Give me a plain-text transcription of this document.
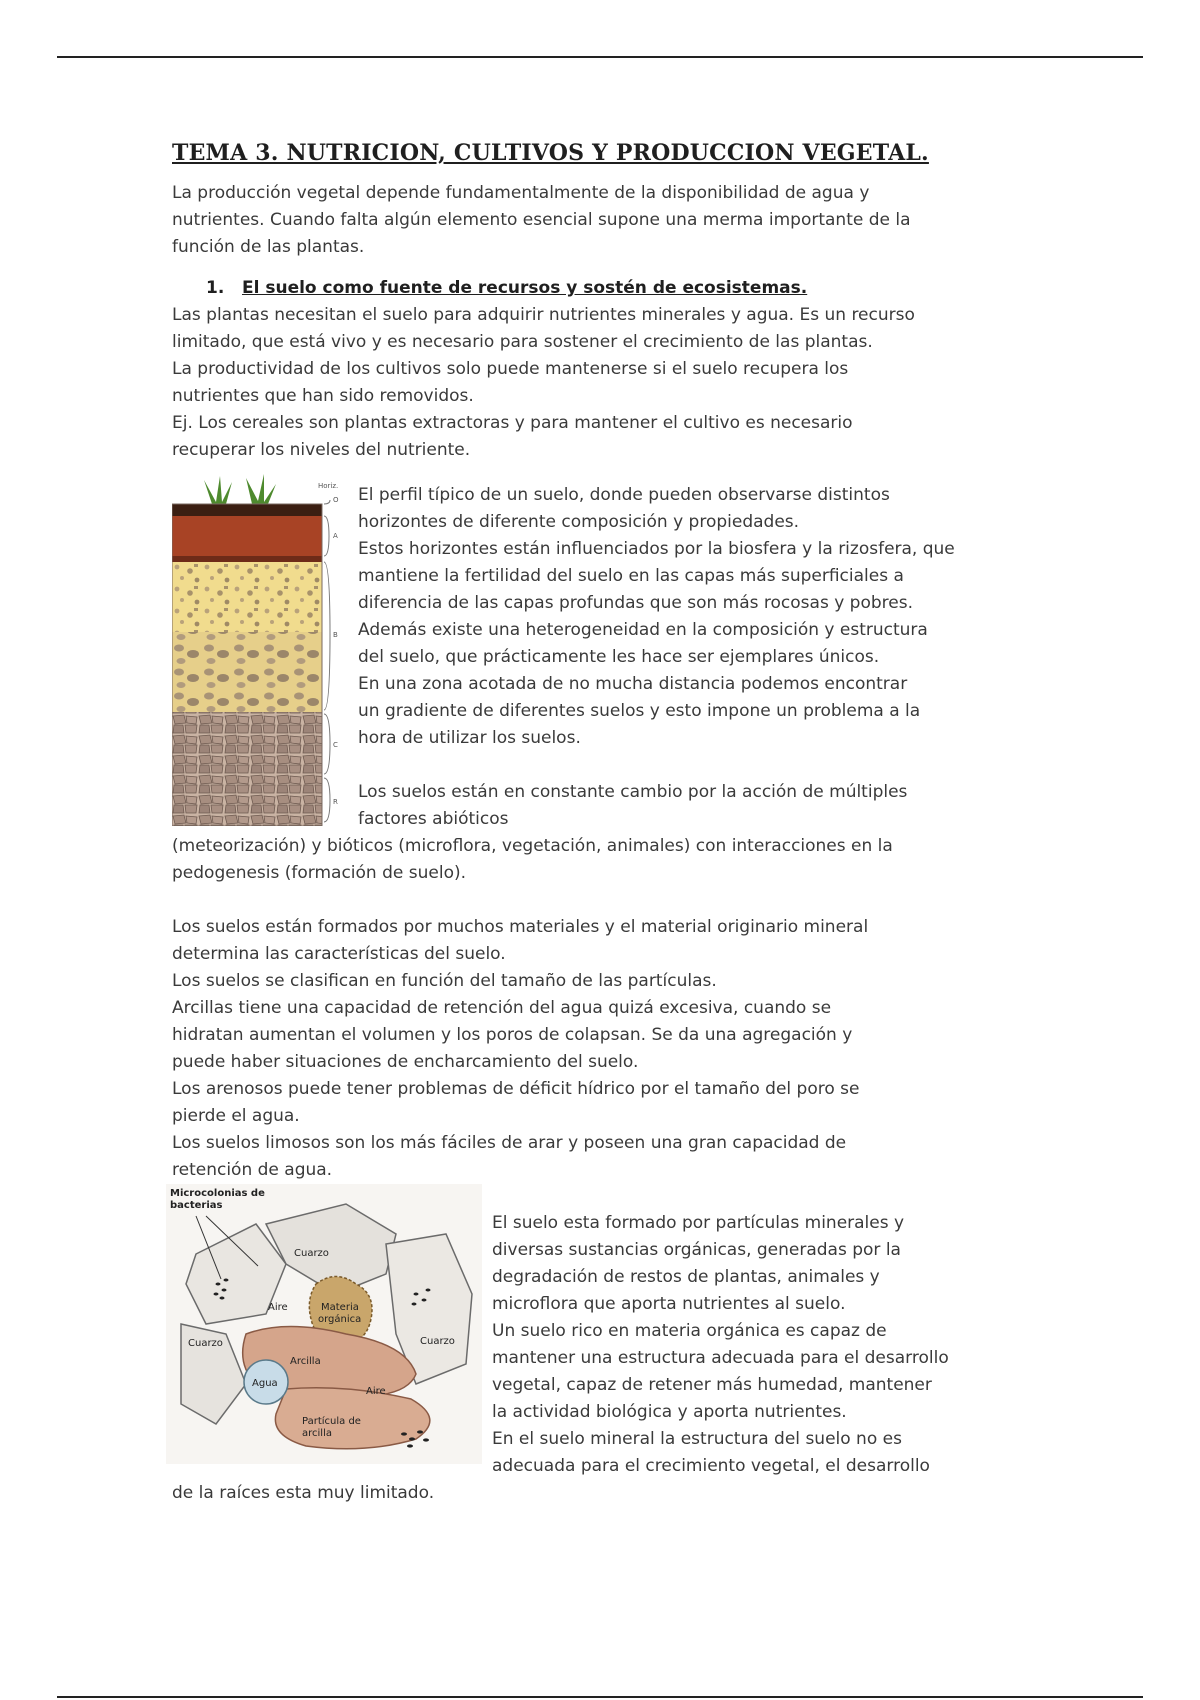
TEMA 3. NUTRICION, CULTIVOS Y PRODUCCION VEGETAL.

La producción vegetal depende fundamentalmente de la disponibilidad de agua y

nutrientes. Cuando falta algún elemento esencial supone una merma importante de la

función de las plantas.

1. El suelo como fuente de recursos y sostén de ecosistemas.

Las plantas necesitan el suelo para adquirir nutrientes minerales y agua. Es un recurso

limitado, que está vivo y es necesario para sostener el crecimiento de las plantas.

La productividad de los cultivos solo puede mantenerse si el suelo recupera los

nutrientes que han sido removidos.

Ej. Los cereales son plantas extractoras y para mantener el cultivo es necesario

recuperar los niveles del nutriente.

Horiz.
O
A
B
C
R

El perfil típico de un suelo, donde pueden observarse distintos

horizontes de diferente composición y propiedades.

Estos horizontes están influenciados por la biosfera y la rizosfera, que

mantiene la fertilidad del suelo en las capas más superficiales a

diferencia de las capas profundas que son más rocosas y pobres.

Además existe una heterogeneidad en la composición y estructura

del suelo, que prácticamente les hace ser ejemplares únicos.

En una zona acotada de no mucha distancia podemos encontrar

un gradiente de diferentes suelos y esto impone un problema a la

hora de utilizar los suelos.

Los suelos están en constante cambio por la acción de múltiples

factores abióticos

(meteorización) y bióticos (microflora, vegetación, animales) con interacciones en la

pedogenesis (formación de suelo).

Los suelos están formados por muchos materiales y el material originario mineral

determina las características del suelo.

Los suelos se clasifican en función del tamaño de las partículas.

Arcillas tiene una capacidad de retención del agua quizá excesiva, cuando se

hidratan aumentan el volumen y los poros de colapsan. Se da una agregación y

puede haber situaciones de encharcamiento del suelo.

Los arenosos puede tener problemas de déficit hídrico por el tamaño del poro se

pierde el agua.

Los suelos limosos son los más fáciles de arar y poseen una gran capacidad de

retención de agua.

Microcolonias de
bacterias
Cuarzo
Cuarzo	Cuarzo
Aire
Aire
Materia
orgánica
Arcilla
Agua
Partícula de
arcilla

El suelo esta formado por partículas minerales y

diversas sustancias orgánicas, generadas por la

degradación de restos de plantas, animales y

microflora que aporta nutrientes al suelo.

Un suelo rico en materia orgánica es capaz de

mantener una estructura adecuada para el desarrollo

vegetal, capaz de retener más humedad, mantener

la actividad biológica y aporta nutrientes.

En el suelo mineral la estructura del suelo no es

adecuada para el crecimiento vegetal, el desarrollo

de la raíces esta muy limitado.
